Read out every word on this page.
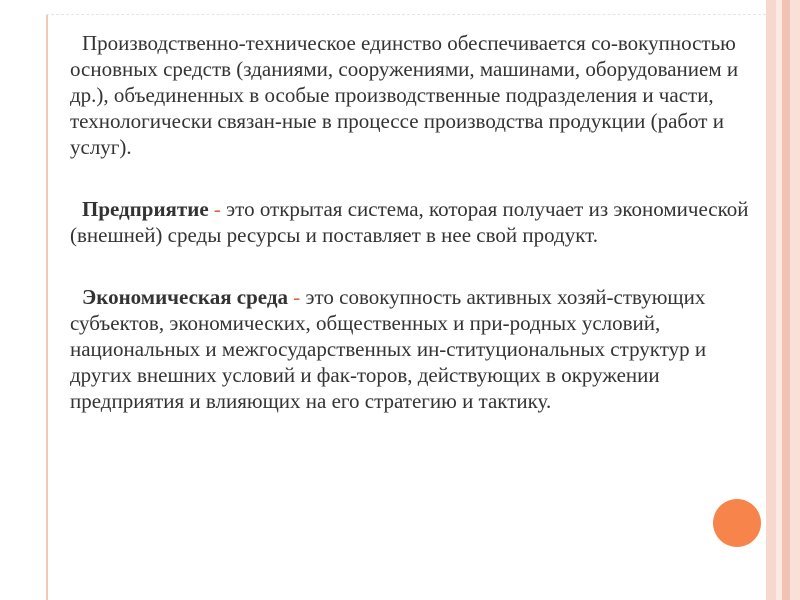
Производственно-техническое единство обеспечивается со-вокупностью основных средств (зданиями, сооружениями, машинами, оборудованием и др.), объединенных в особые производственные подразделения и части, технологически связан-ные в процессе производства продукции (работ и услуг).

Предприятие - это открытая система, которая получает из экономической (внешней) среды ресурсы и поставляет в нее свой продукт.

Экономическая среда - это совокупность активных хозяй-ствующих субъектов, экономических, общественных и при-родных условий, национальных и межгосударственных ин-ституциональных структур и других внешних условий и фак-торов, действующих в окружении предприятия и влияющих на его стратегию и тактику.
